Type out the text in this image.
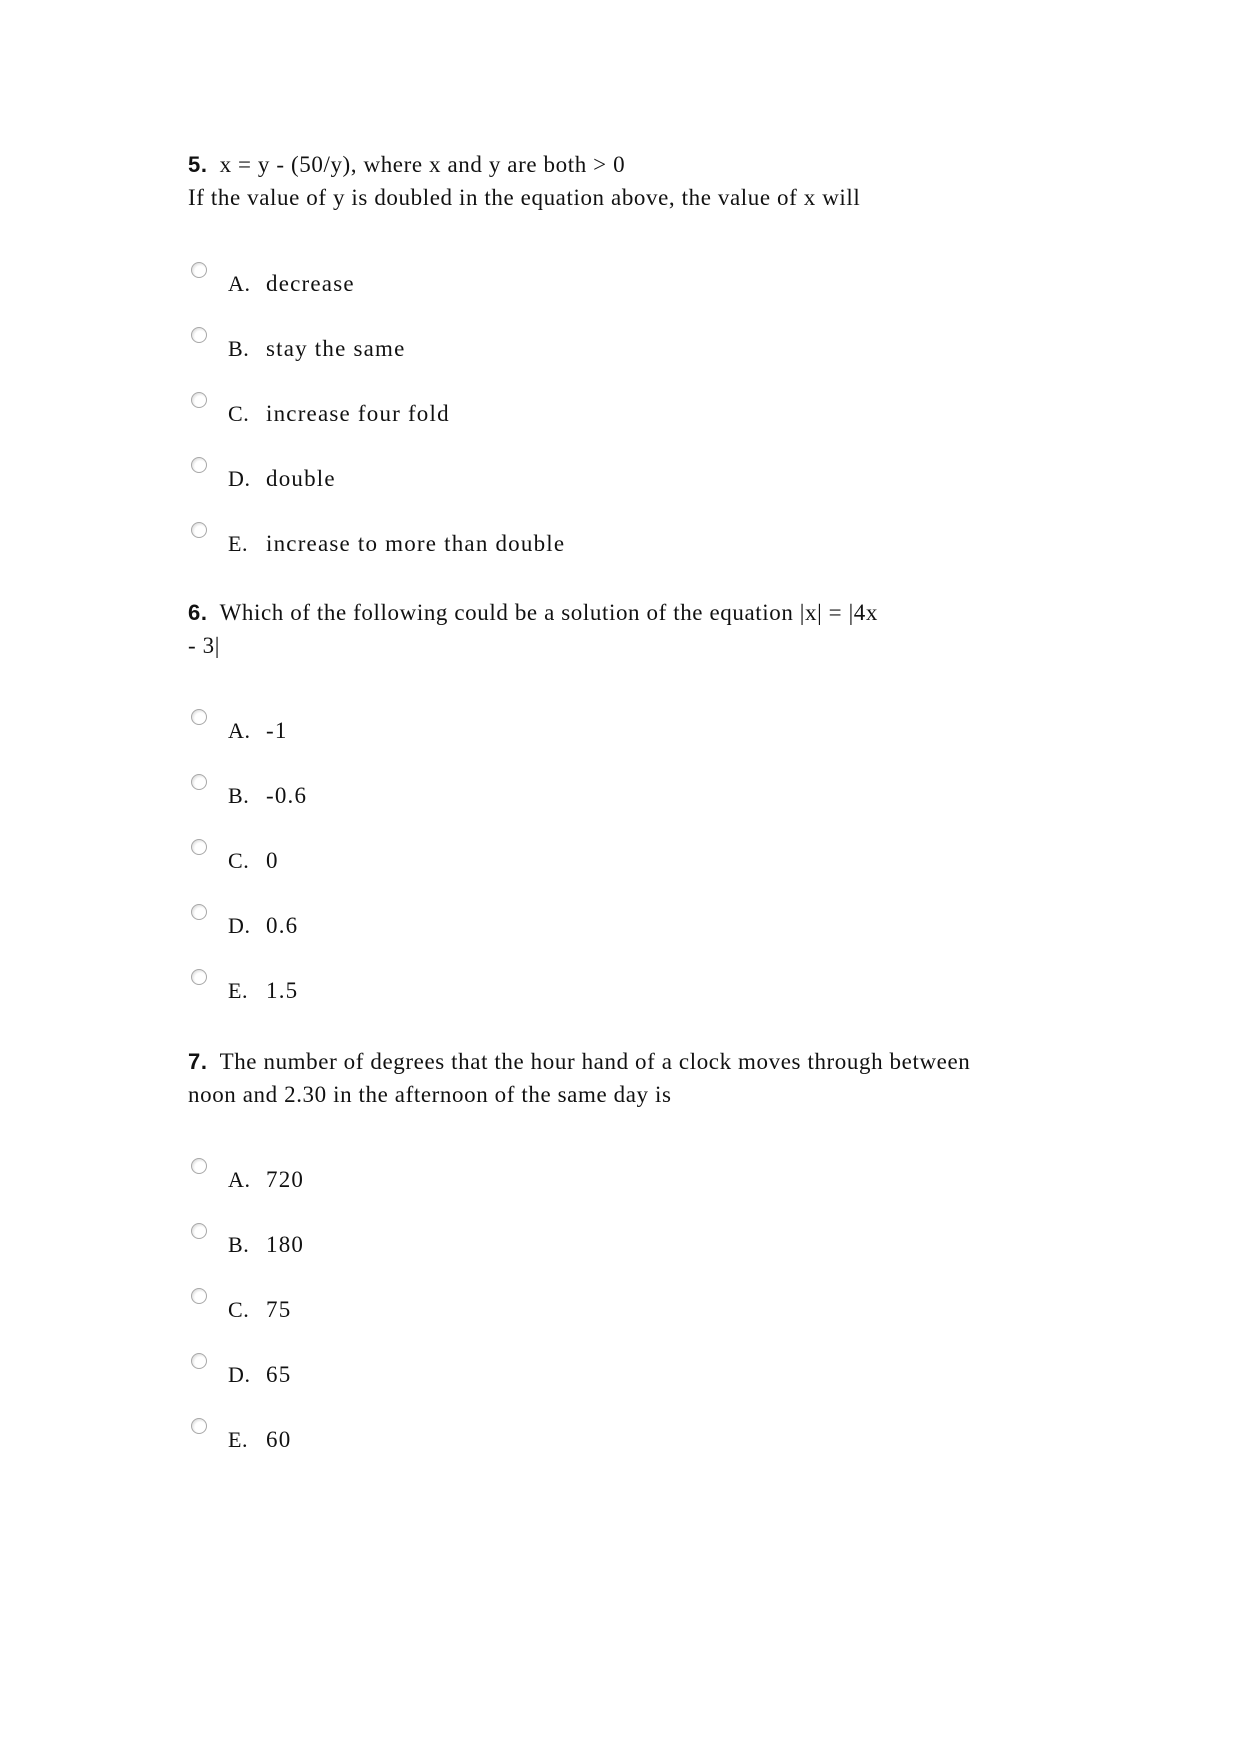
5. x = y - (50/y), where x and y are both > 0
If the value of y is doubled in the equation above, the value of x will

A. decrease
B. stay the same
C. increase four fold
D. double
E. increase to more than double

6. Which of the following could be a solution of the equation |x| = |4x
- 3|

A. -1
B. -0.6
C. 0
D. 0.6
E. 1.5

7. The number of degrees that the hour hand of a clock moves through between
noon and 2.30 in the afternoon of the same day is

A. 720
B. 180
C. 75
D. 65
E. 60
